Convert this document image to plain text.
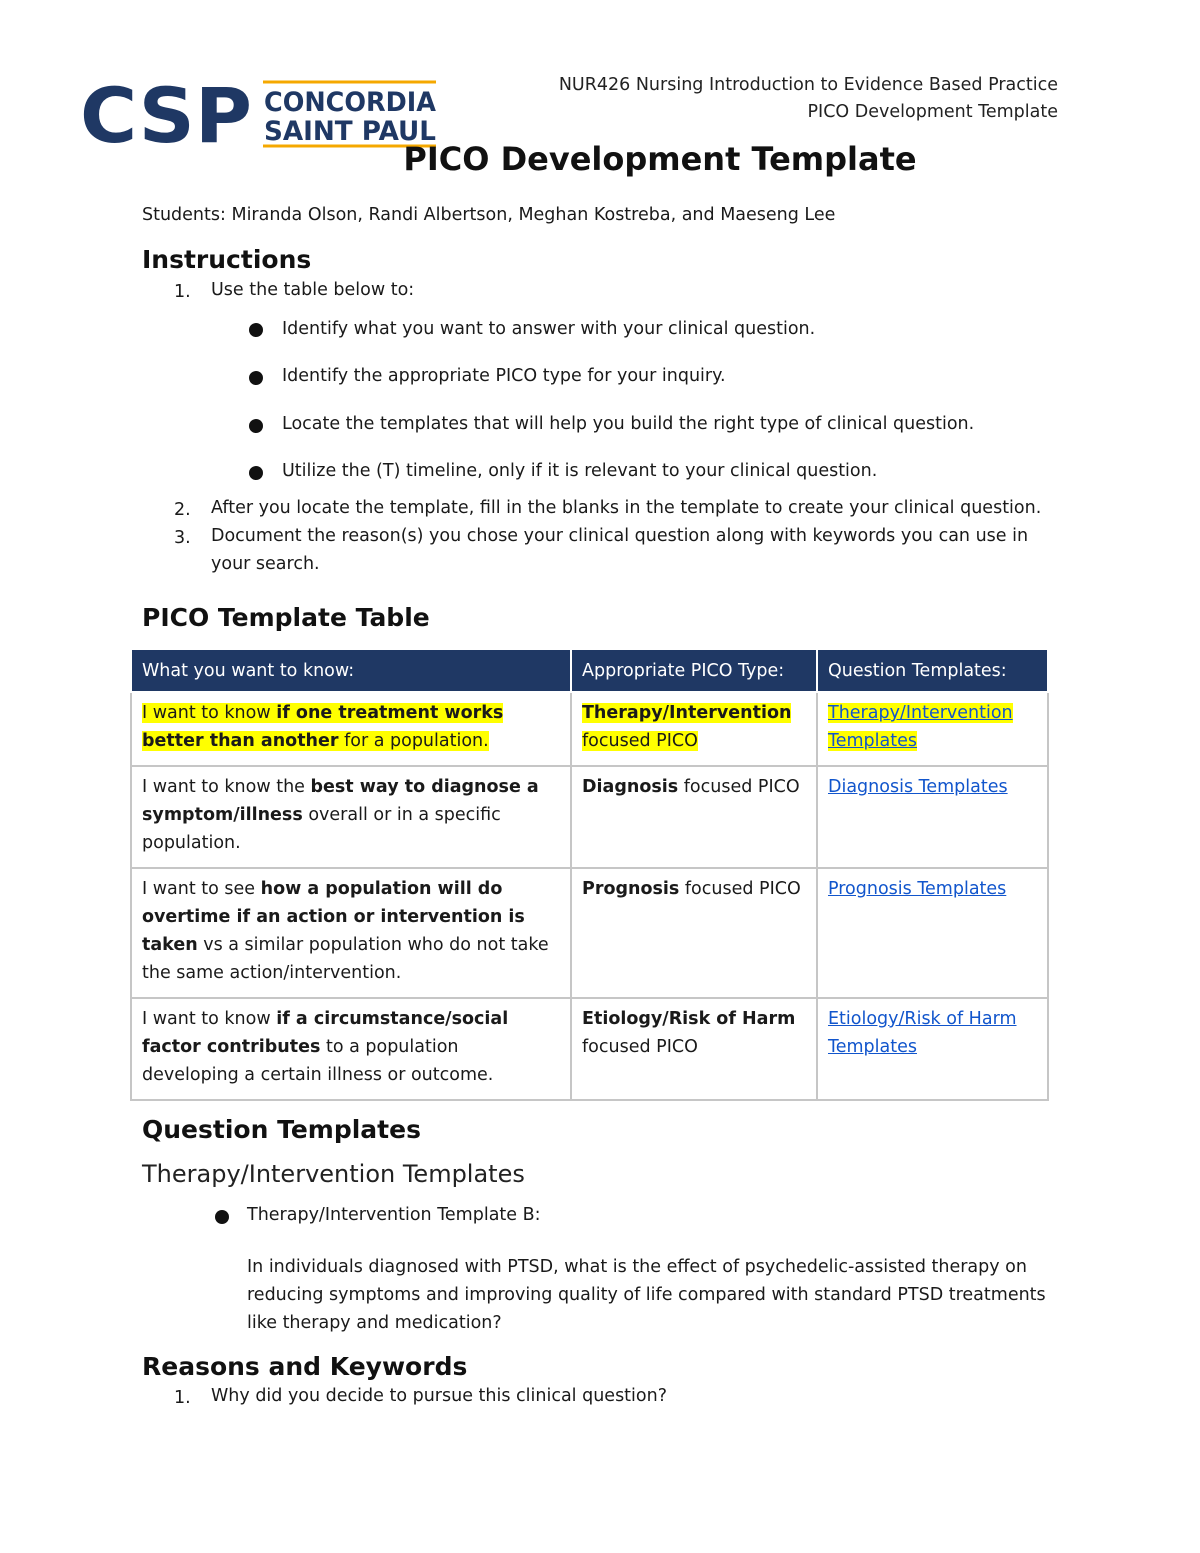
CSP CONCORDIA
SAINT PAUL
NUR426 Nursing Introduction to Evidence Based Practice
PICO Development Template
PICO Development Template
Students: Miranda Olson, Randi Albertson, Meghan Kostreba, and Maeseng Lee
Instructions
1. Use the table below to:
Identify what you want to answer with your clinical question.
Identify the appropriate PICO type for your inquiry.
Locate the templates that will help you build the right type of clinical question.
Utilize the (T) timeline, only if it is relevant to your clinical question.
2. After you locate the template, fill in the blanks in the template to create your clinical question.
3. Document the reason(s) you chose your clinical question along with keywords you can use in your search.
PICO Template Table
What you want to know:	Appropriate PICO Type:	Question Templates:
I want to know if one treatment works better than another for a population.	Therapy/Intervention focused PICO	Therapy/Intervention Templates
I want to know the best way to diagnose a symptom/illness overall or in a specific population.	Diagnosis focused PICO	Diagnosis Templates
I want to see how a population will do overtime if an action or intervention is taken vs a similar population who do not take the same action/intervention.	Prognosis focused PICO	Prognosis Templates
I want to know if a circumstance/social factor contributes to a population developing a certain illness or outcome.	Etiology/Risk of Harm focused PICO	Etiology/Risk of Harm Templates
Question Templates
Therapy/Intervention Templates
Therapy/Intervention Template B:
In individuals diagnosed with PTSD, what is the effect of psychedelic-assisted therapy on reducing symptoms and improving quality of life compared with standard PTSD treatments like therapy and medication?
Reasons and Keywords
1. Why did you decide to pursue this clinical question?
